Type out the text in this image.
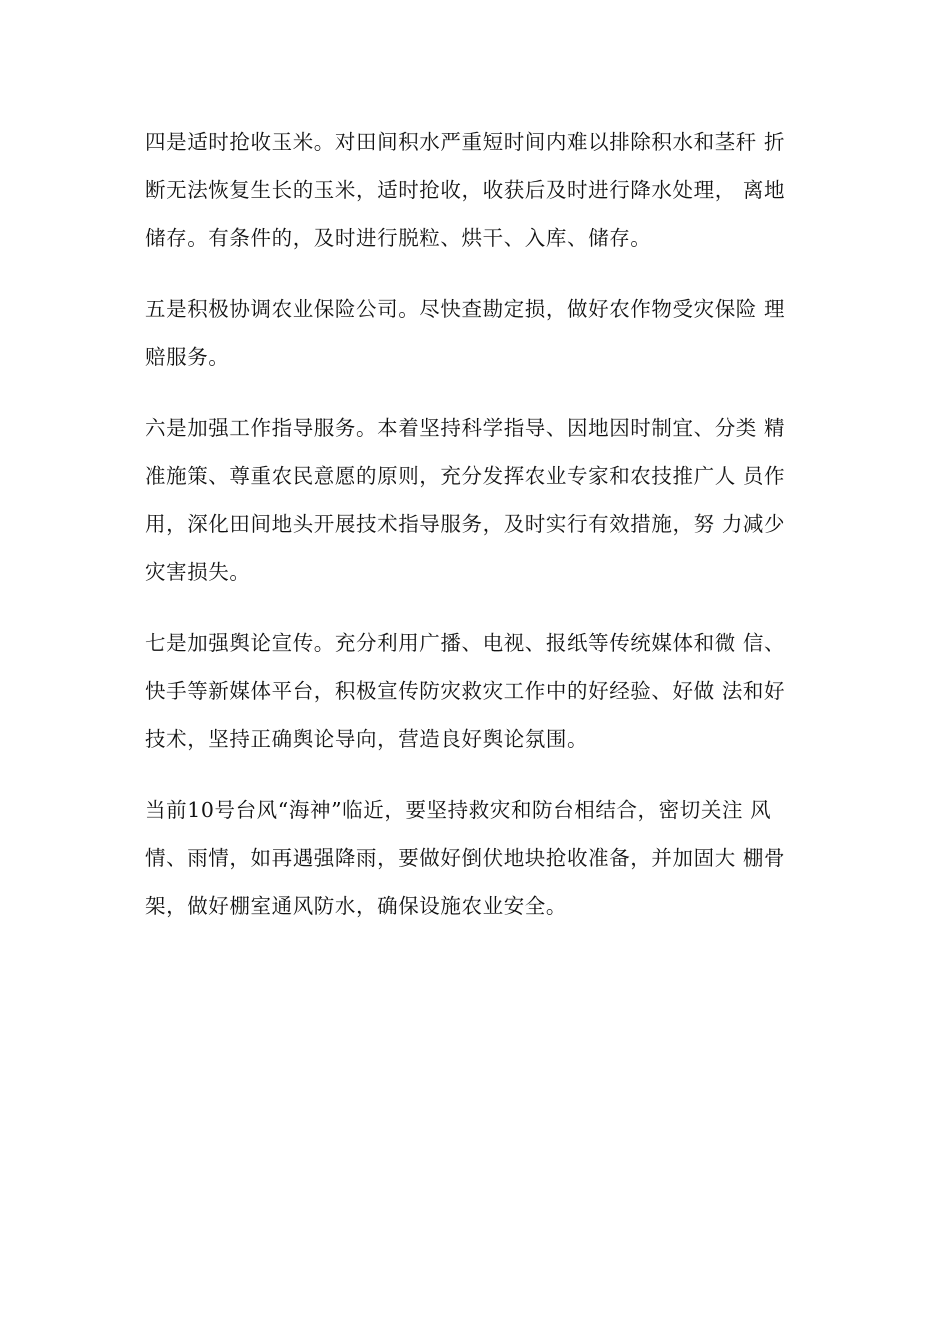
四是适时抢收玉米。对田间积水严重短时间内难以排除积水和茎秆 折
断无法恢复生长的玉米，适时抢收，收获后及时进行降水处理， 离地
储存。有条件的，及时进行脱粒、烘干、入库、储存。
五是积极协调农业保险公司。尽快查勘定损，做好农作物受灾保险 理
赔服务。
六是加强工作指导服务。本着坚持科学指导、因地因时制宜、分类 精
准施策、尊重农民意愿的原则，充分发挥农业专家和农技推广人 员作
用，深化田间地头开展技术指导服务，及时实行有效措施，努 力减少
灾害损失。
七是加强舆论宣传。充分利用广播、电视、报纸等传统媒体和微 信、
快手等新媒体平台，积极宣传防灾救灾工作中的好经验、好做 法和好
技术，坚持正确舆论导向，营造良好舆论氛围。
当前10号台风“海神”临近，要坚持救灾和防台相结合，密切关注 风
情、雨情，如再遇强降雨，要做好倒伏地块抢收准备，并加固大 棚骨
架，做好棚室通风防水，确保设施农业安全。
